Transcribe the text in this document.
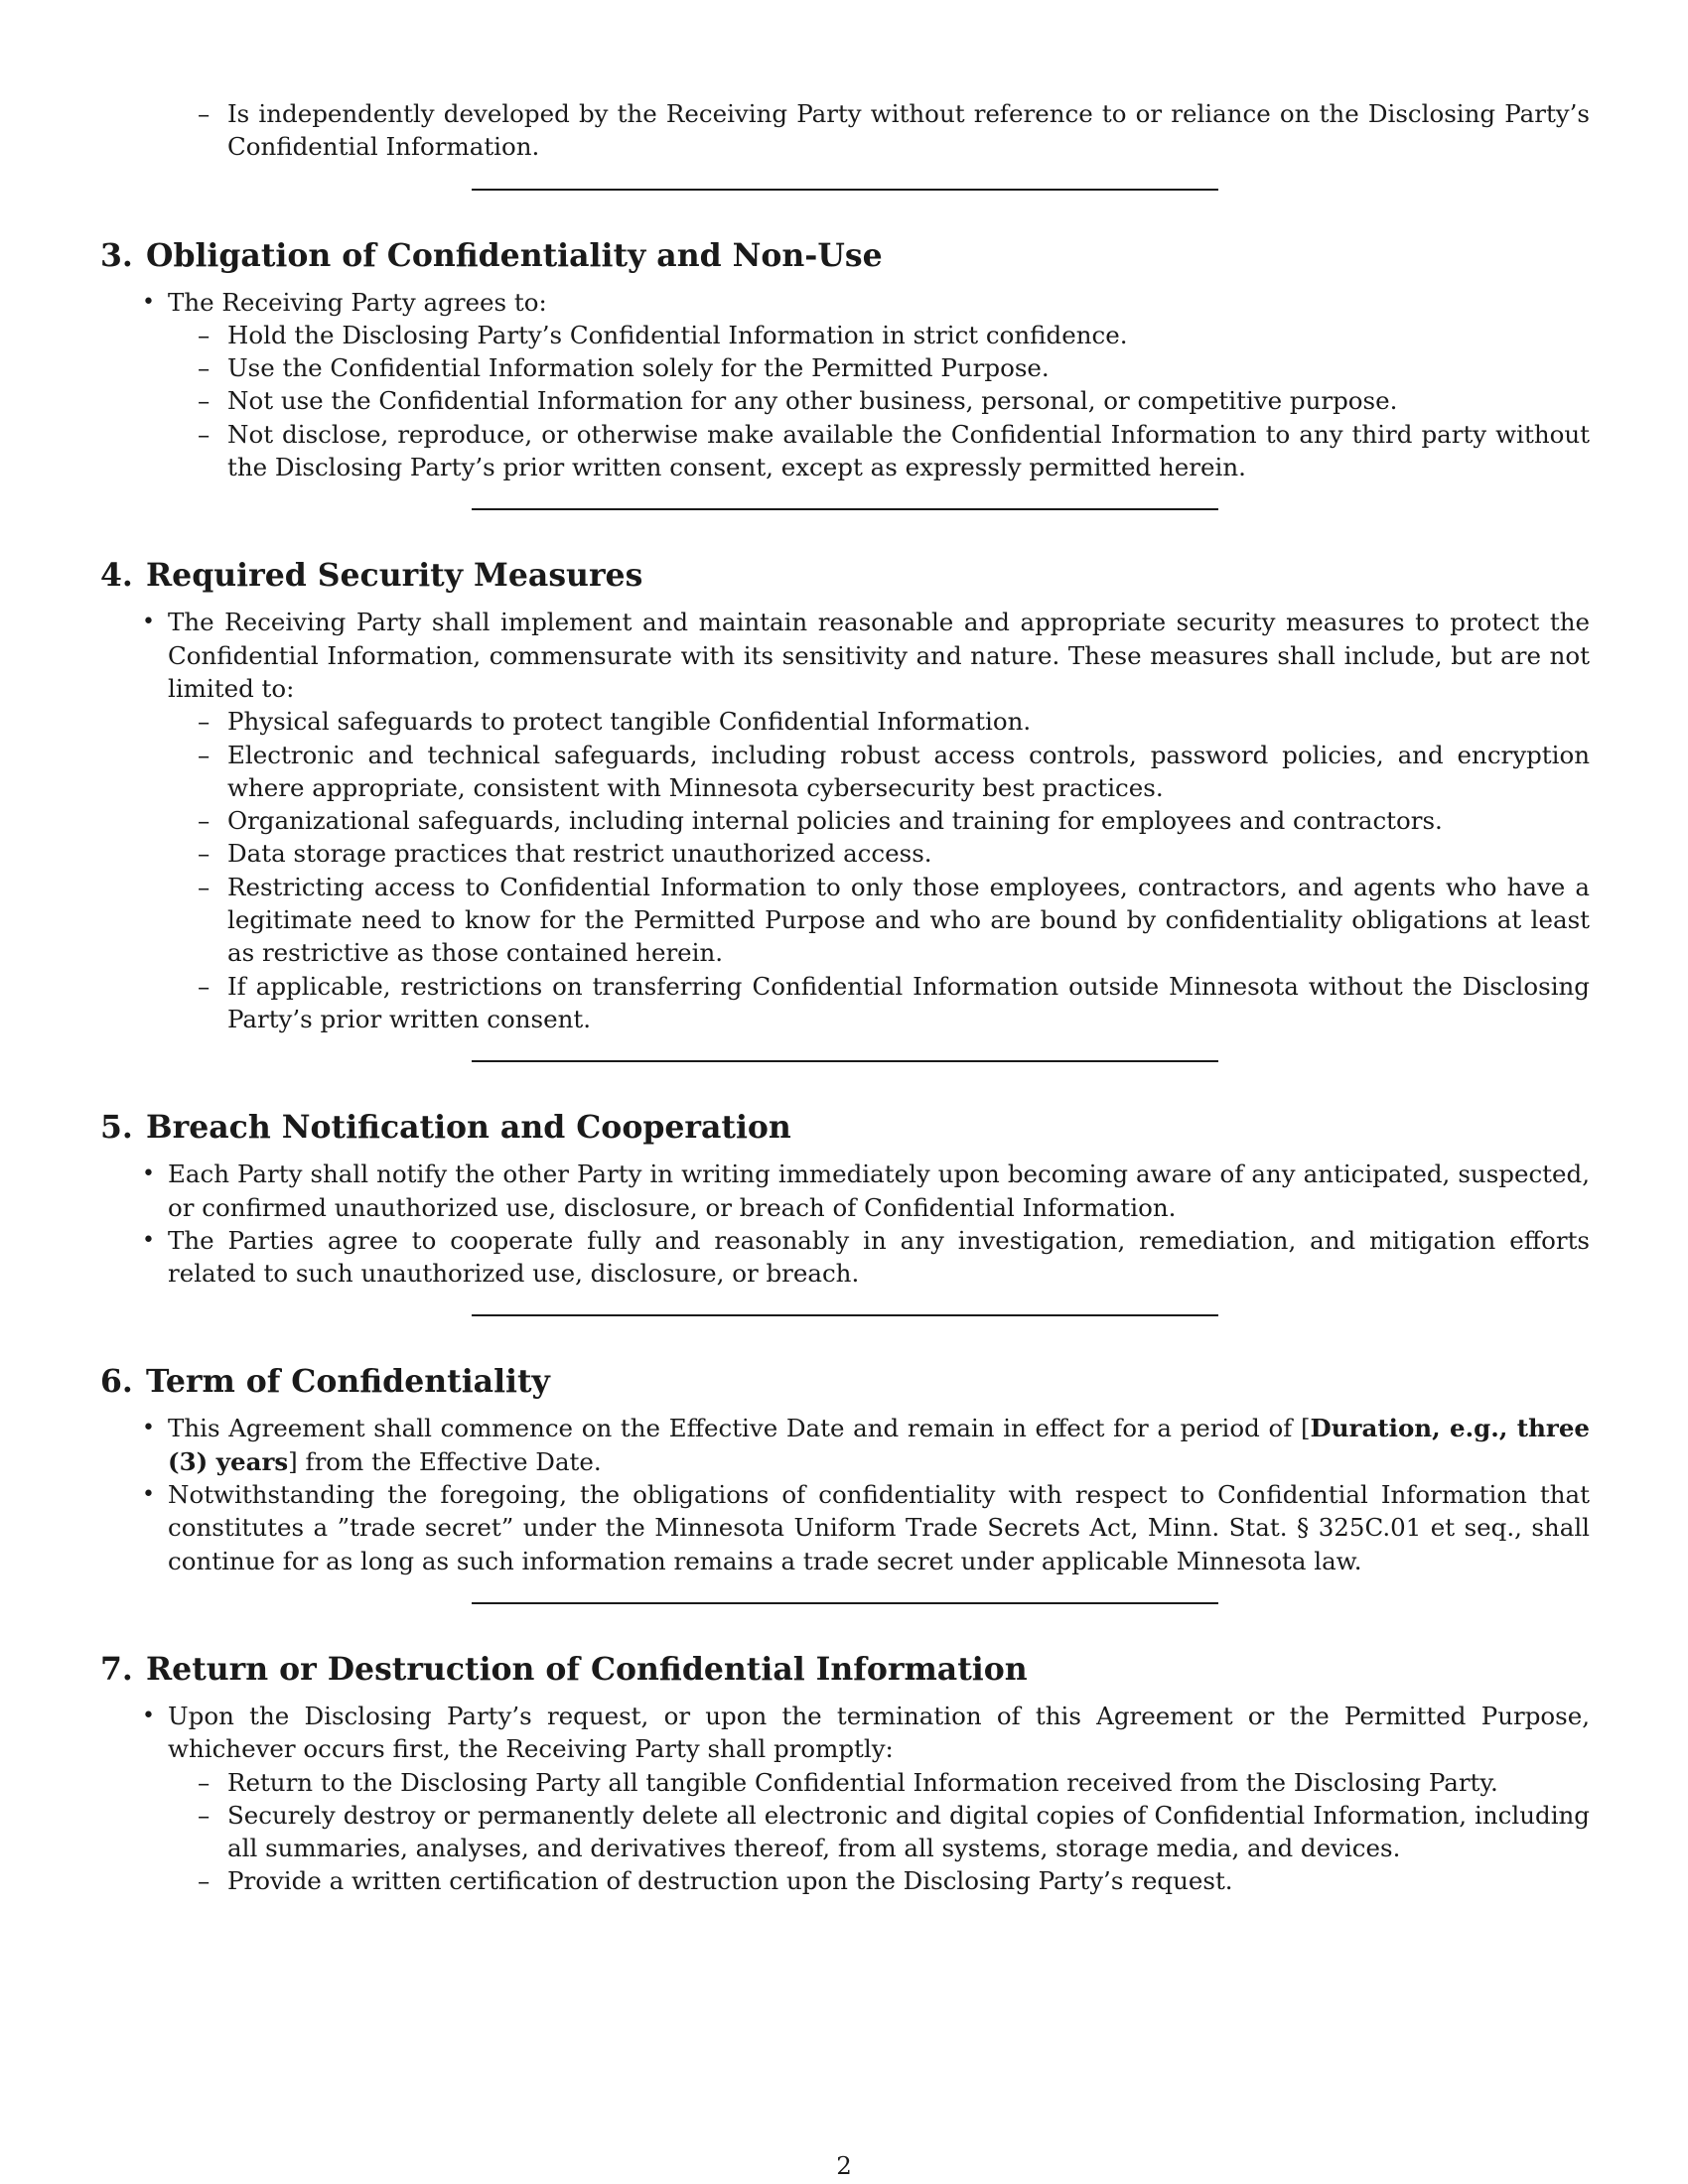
– Is independently developed by the Receiving Party without reference to or reliance on the Disclosing Party’s Confidential Information.
3. Obligation of Confidentiality and Non-Use
• The Receiving Party agrees to:
– Hold the Disclosing Party’s Confidential Information in strict confidence.
– Use the Confidential Information solely for the Permitted Purpose.
– Not use the Confidential Information for any other business, personal, or competitive purpose.
– Not disclose, reproduce, or otherwise make available the Confidential Information to any third party without the Disclosing Party’s prior written consent, except as expressly permitted herein.
4. Required Security Measures
• The Receiving Party shall implement and maintain reasonable and appropriate security measures to protect the Confidential Information, commensurate with its sensitivity and nature. These measures shall include, but are not limited to:
– Physical safeguards to protect tangible Confidential Information.
– Electronic and technical safeguards, including robust access controls, password policies, and encryption where appropriate, consistent with Minnesota cybersecurity best practices.
– Organizational safeguards, including internal policies and training for employees and contractors.
– Data storage practices that restrict unauthorized access.
– Restricting access to Confidential Information to only those employees, contractors, and agents who have a legitimate need to know for the Permitted Purpose and who are bound by confidentiality obligations at least as restrictive as those contained herein.
– If applicable, restrictions on transferring Confidential Information outside Minnesota without the Disclosing Party’s prior written consent.
5. Breach Notification and Cooperation
• Each Party shall notify the other Party in writing immediately upon becoming aware of any anticipated, suspected, or confirmed unauthorized use, disclosure, or breach of Confidential Information.
• The Parties agree to cooperate fully and reasonably in any investigation, remediation, and mitigation efforts related to such unauthorized use, disclosure, or breach.
6. Term of Confidentiality
• This Agreement shall commence on the Effective Date and remain in effect for a period of [Duration, e.g., three (3) years] from the Effective Date.
• Notwithstanding the foregoing, the obligations of confidentiality with respect to Confidential Information that constitutes a ”trade secret” under the Minnesota Uniform Trade Secrets Act, Minn. Stat. § 325C.01 et seq., shall continue for as long as such information remains a trade secret under applicable Minnesota law.
7. Return or Destruction of Confidential Information
• Upon the Disclosing Party’s request, or upon the termination of this Agreement or the Permitted Purpose, whichever occurs first, the Receiving Party shall promptly:
– Return to the Disclosing Party all tangible Confidential Information received from the Disclosing Party.
– Securely destroy or permanently delete all electronic and digital copies of Confidential Information, including all summaries, analyses, and derivatives thereof, from all systems, storage media, and devices.
– Provide a written certification of destruction upon the Disclosing Party’s request.
2
